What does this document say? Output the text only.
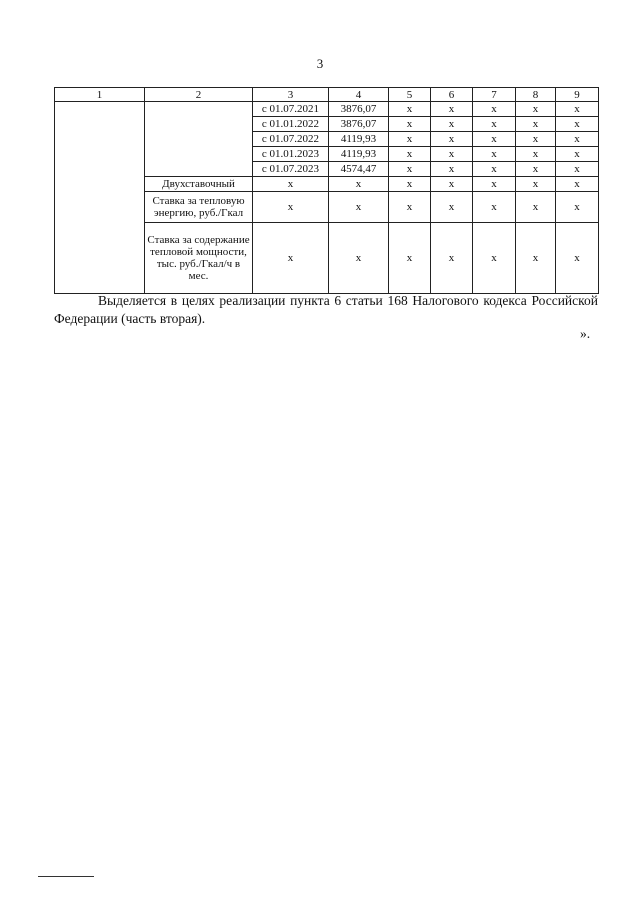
3
1	2	3	4	5	6	7	8	9
		с 01.07.2021	3876,07	х	х	х	х	х
		с 01.01.2022	3876,07	х	х	х	х	х
		с 01.07.2022	4119,93	х	х	х	х	х
		с 01.01.2023	4119,93	х	х	х	х	х
		с 01.07.2023	4574,47	х	х	х	х	х
	Двухставочный	х	х	х	х	х	х	х
	Ставка за тепловую энергию, руб./Гкал	х	х	х	х	х	х	х
	Ставка за содержание тепловой мощности, тыс. руб./Гкал/ч в мес.	х	х	х	х	х	х	х
Выделяется в целях реализации пункта 6 статьи 168 Налогового кодекса Российской Федерации (часть вторая).
».
